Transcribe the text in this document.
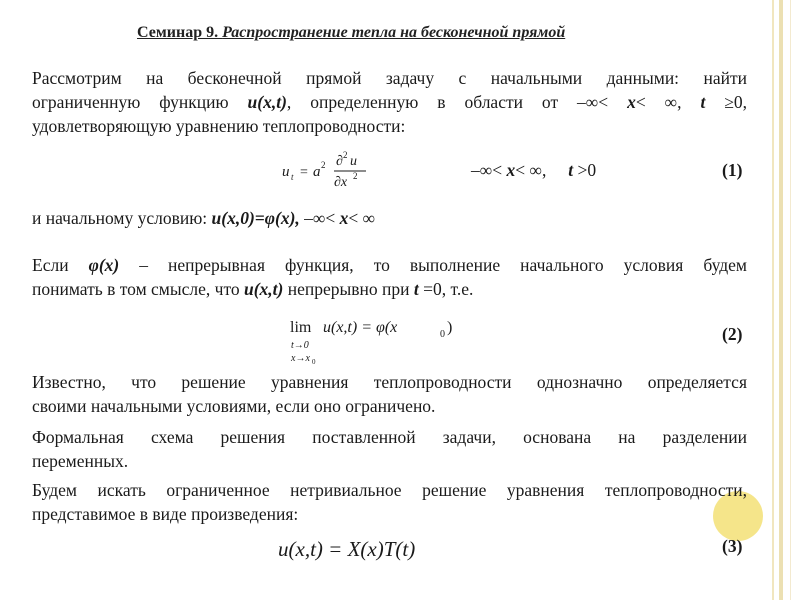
Семинар 9. Распространение тепла на бесконечной прямой
Рассмотрим на бесконечной прямой задачу с начальными данными: найти
ограниченную функцию u(x,t), определенную в области от –∞< x< ∞, t ≥0,
удовлетворяющую уравнению теплопроводности:
u t = a 2 ∂ 2 u
∂x 2	–∞< x< ∞,     t >0	(1)
и начальному условию: u(x,0)=φ(x), –∞< x< ∞
Если φ(x) – непрерывная функция, то выполнение начального условия будем
понимать в том смысле, что u(x,t) непрерывно при t =0, т.е.
lim u(x,t) = φ(x	0 )
t→0
x→x 0
(2)
Известно, что решение уравнения теплопроводности однозначно определяется
своими начальными условиями, если оно ограничено.
Формальная схема решения поставленной задачи, основана на разделении
переменных.
Будем искать ограниченное нетривиальное решение уравнения теплопроводности,
представимое в виде произведения:
u(x,t) = X(x)T(t)	(3)
